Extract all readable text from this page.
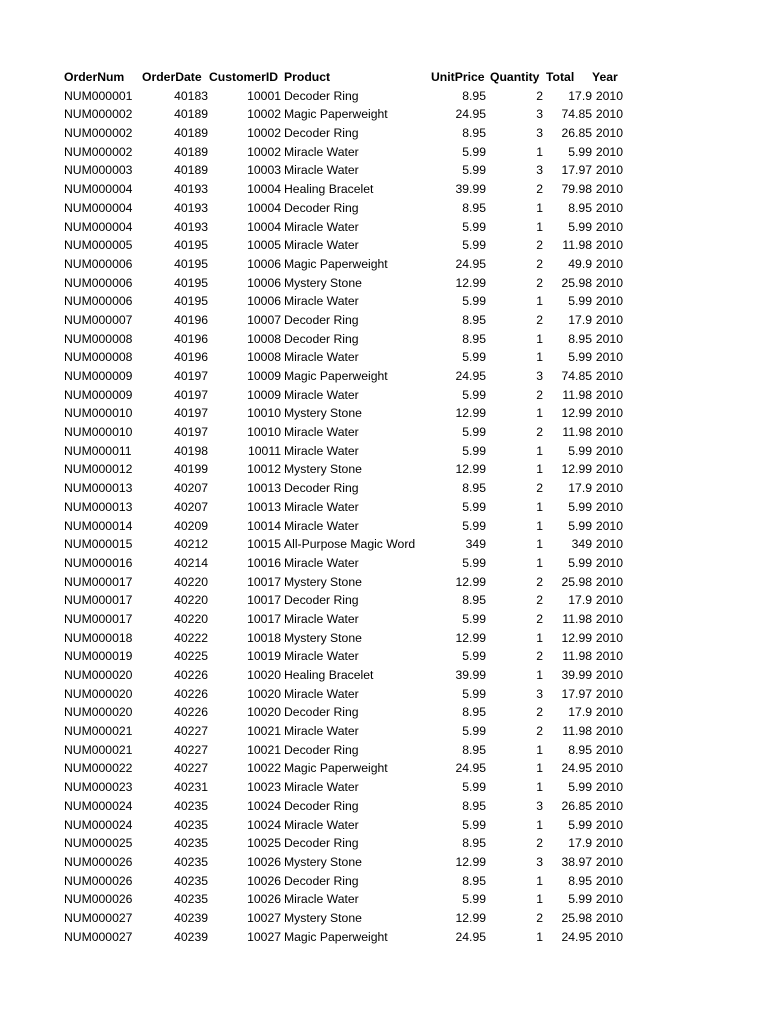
OrderNum OrderDate CustomerID Product	UnitPrice Quantity Total Year
NUM000001	40183	10001 Decoder Ring	8.95	2 17.9 2010
NUM000002	40189	10002 Magic Paperweight	24.95	3 74.85 2010
NUM000002	40189	10002 Decoder Ring	8.95	3 26.85 2010
NUM000002	40189	10002 Miracle Water	5.99	1 5.99 2010
NUM000003	40189	10003 Miracle Water	5.99	3 17.97 2010
NUM000004	40193	10004 Healing Bracelet	39.99	2 79.98 2010
NUM000004	40193	10004 Decoder Ring	8.95	1 8.95 2010
NUM000004	40193	10004 Miracle Water	5.99	1 5.99 2010
NUM000005	40195	10005 Miracle Water	5.99	2 11.98 2010
NUM000006	40195	10006 Magic Paperweight	24.95	2 49.9 2010
NUM000006	40195	10006 Mystery Stone	12.99	2 25.98 2010
NUM000006	40195	10006 Miracle Water	5.99	1 5.99 2010
NUM000007	40196	10007 Decoder Ring	8.95	2 17.9 2010
NUM000008	40196	10008 Decoder Ring	8.95	1 8.95 2010
NUM000008	40196	10008 Miracle Water	5.99	1 5.99 2010
NUM000009	40197	10009 Magic Paperweight	24.95	3 74.85 2010
NUM000009	40197	10009 Miracle Water	5.99	2 11.98 2010
NUM000010	40197	10010 Mystery Stone	12.99	1 12.99 2010
NUM000010	40197	10010 Miracle Water	5.99	2 11.98 2010
NUM000011	40198	10011 Miracle Water	5.99	1 5.99 2010
NUM000012	40199	10012 Mystery Stone	12.99	1 12.99 2010
NUM000013	40207	10013 Decoder Ring	8.95	2 17.9 2010
NUM000013	40207	10013 Miracle Water	5.99	1 5.99 2010
NUM000014	40209	10014 Miracle Water	5.99	1 5.99 2010
NUM000015	40212	10015 All-Purpose Magic Word	349	1 349 2010
NUM000016	40214	10016 Miracle Water	5.99	1 5.99 2010
NUM000017	40220	10017 Mystery Stone	12.99	2 25.98 2010
NUM000017	40220	10017 Decoder Ring	8.95	2 17.9 2010
NUM000017	40220	10017 Miracle Water	5.99	2 11.98 2010
NUM000018	40222	10018 Mystery Stone	12.99	1 12.99 2010
NUM000019	40225	10019 Miracle Water	5.99	2 11.98 2010
NUM000020	40226	10020 Healing Bracelet	39.99	1 39.99 2010
NUM000020	40226	10020 Miracle Water	5.99	3 17.97 2010
NUM000020	40226	10020 Decoder Ring	8.95	2 17.9 2010
NUM000021	40227	10021 Miracle Water	5.99	2 11.98 2010
NUM000021	40227	10021 Decoder Ring	8.95	1 8.95 2010
NUM000022	40227	10022 Magic Paperweight	24.95	1 24.95 2010
NUM000023	40231	10023 Miracle Water	5.99	1 5.99 2010
NUM000024	40235	10024 Decoder Ring	8.95	3 26.85 2010
NUM000024	40235	10024 Miracle Water	5.99	1 5.99 2010
NUM000025	40235	10025 Decoder Ring	8.95	2 17.9 2010
NUM000026	40235	10026 Mystery Stone	12.99	3 38.97 2010
NUM000026	40235	10026 Decoder Ring	8.95	1 8.95 2010
NUM000026	40235	10026 Miracle Water	5.99	1 5.99 2010
NUM000027	40239	10027 Mystery Stone	12.99	2 25.98 2010
NUM000027	40239	10027 Magic Paperweight	24.95	1 24.95 2010
